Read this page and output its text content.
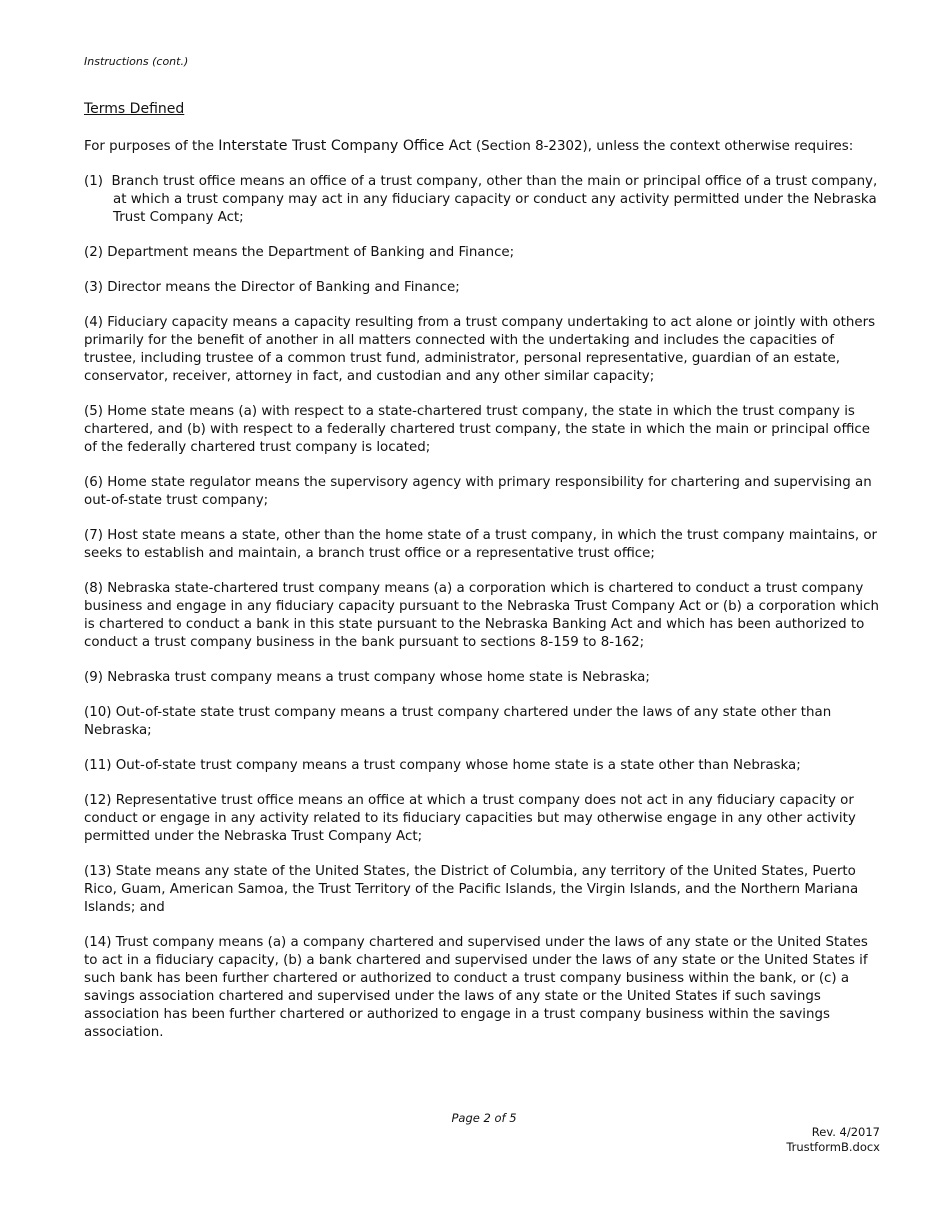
Instructions (cont.)
Terms Defined

For purposes of the Interstate Trust Company Office Act (Section 8-2302), unless the context otherwise requires:

(1)  Branch trust office means an office of a trust company, other than the main or principal office of a trust company, at which a trust company may act in any fiduciary capacity or conduct any activity permitted under the Nebraska Trust Company Act;

(2) Department means the Department of Banking and Finance;

(3) Director means the Director of Banking and Finance;

(4) Fiduciary capacity means a capacity resulting from a trust company undertaking to act alone or jointly with others primarily for the benefit of another in all matters connected with the undertaking and includes the capacities of trustee, including trustee of a common trust fund, administrator, personal representative, guardian of an estate, conservator, receiver, attorney in fact, and custodian and any other similar capacity;

(5) Home state means (a) with respect to a state-chartered trust company, the state in which the trust company is chartered, and (b) with respect to a federally chartered trust company, the state in which the main or principal office of the federally chartered trust company is located;

(6) Home state regulator means the supervisory agency with primary responsibility for chartering and supervising an out-of-state trust company;

(7) Host state means a state, other than the home state of a trust company, in which the trust company maintains, or seeks to establish and maintain, a branch trust office or a representative trust office;

(8) Nebraska state-chartered trust company means (a) a corporation which is chartered to conduct a trust company business and engage in any fiduciary capacity pursuant to the Nebraska Trust Company Act or (b) a corporation which is chartered to conduct a bank in this state pursuant to the Nebraska Banking Act and which has been authorized to conduct a trust company business in the bank pursuant to sections 8-159 to 8-162;

(9) Nebraska trust company means a trust company whose home state is Nebraska;

(10) Out-of-state state trust company means a trust company chartered under the laws of any state other than Nebraska;

(11) Out-of-state trust company means a trust company whose home state is a state other than Nebraska;

(12) Representative trust office means an office at which a trust company does not act in any fiduciary capacity or conduct or engage in any activity related to its fiduciary capacities but may otherwise engage in any other activity permitted under the Nebraska Trust Company Act;

(13) State means any state of the United States, the District of Columbia, any territory of the United States, Puerto Rico, Guam, American Samoa, the Trust Territory of the Pacific Islands, the Virgin Islands, and the Northern Mariana Islands; and

(14) Trust company means (a) a company chartered and supervised under the laws of any state or the United States to act in a fiduciary capacity, (b) a bank chartered and supervised under the laws of any state or the United States if such bank has been further chartered or authorized to conduct a trust company business within the bank, or (c) a savings association chartered and supervised under the laws of any state or the United States if such savings association has been further chartered or authorized to engage in a trust company business within the savings association.

Page 2 of 5
Rev. 4/2017
TrustformB.docx
